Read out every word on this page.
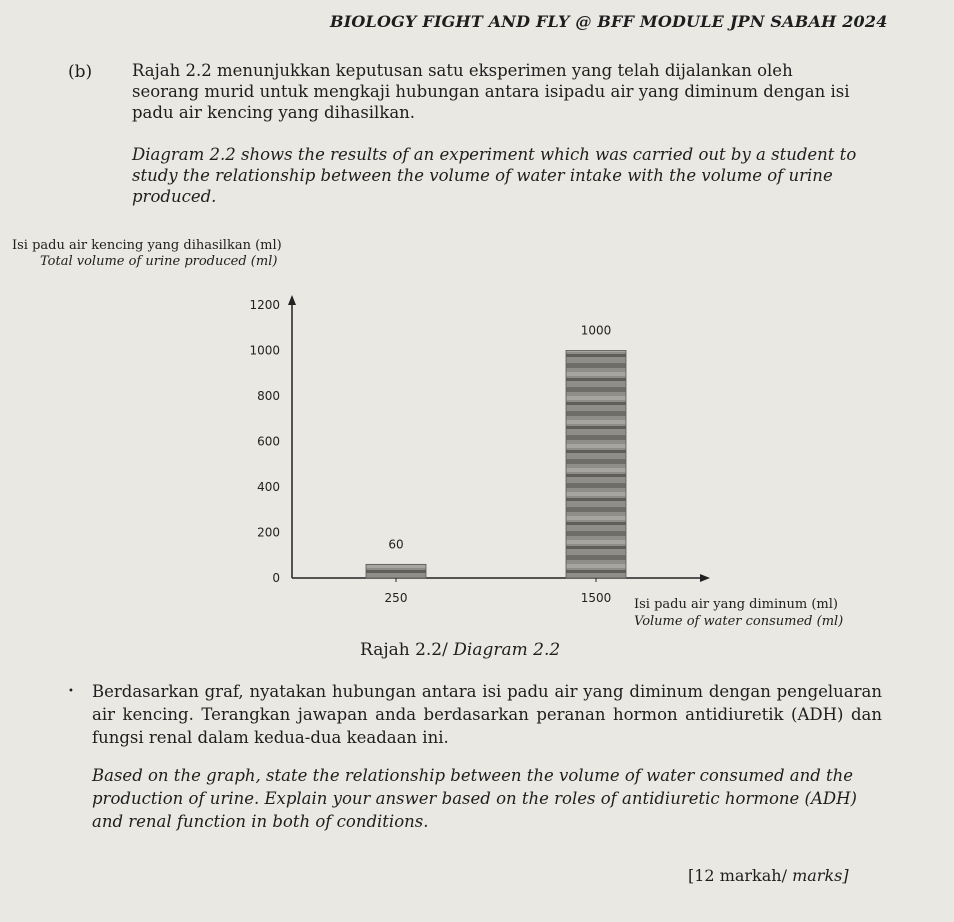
BIOLOGY FIGHT AND FLY @ BFF MODULE JPN SABAH 2024
(b) Rajah 2.2 menunjukkan keputusan satu eksperimen yang telah dijalankan oleh seorang murid untuk mengkaji hubungan antara isipadu air yang diminum dengan isi padu air kencing yang dihasilkan.
Diagram 2.2 shows the results of an experiment which was carried out by a student to study the relationship between the volume of water intake with the volume of urine produced.
Isi padu air kencing yang dihasilkan (ml)
Total volume of urine produced (ml)
0
200
400
600
800
1000
1200
60
250
1000
1500 Isi padu air yang diminum (ml)
Volume of water consumed (ml)
Rajah 2.2/ Diagram 2.2
• Berdasarkan graf, nyatakan hubungan antara isi padu air yang diminum dengan pengeluaran air kencing. Terangkan jawapan anda berdasarkan peranan hormon antidiuretik (ADH) dan fungsi renal dalam kedua-dua keadaan ini.
Based on the graph, state the relationship between the volume of water consumed and the production of urine. Explain your answer based on the roles of antidiuretic hormone (ADH) and renal function in both of conditions.
[12 markah/ marks]
